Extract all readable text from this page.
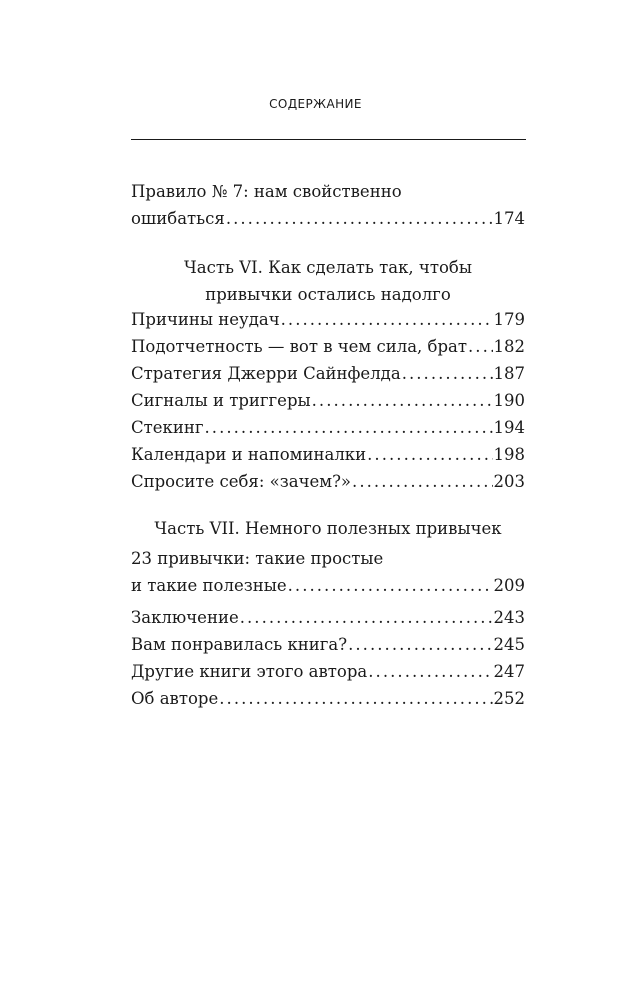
СОДЕРЖАНИЕ
Правило № 7: нам свойственно
ошибаться . . .	174
Часть VI. Как сделать так, чтобы
привычки остались надолго
Причины неудач . . .	179
Подотчетность — вот в чем сила, брат . . . 182
Стратегия Джерри Сайнфелда . . .	187
Сигналы и триггеры . . .	190
Стекинг . . .	194
Календари и напоминалки . . .	198
Спросите себя: «зачем?» . . .	203
Часть VII. Немного полезных привычек
23 привычки: такие простые
и такие полезные . . .	209
Заключение . . .	243
Вам понравилась книга? . . .	245
Другие книги этого автора . . .	247
Об авторе . . .	252
